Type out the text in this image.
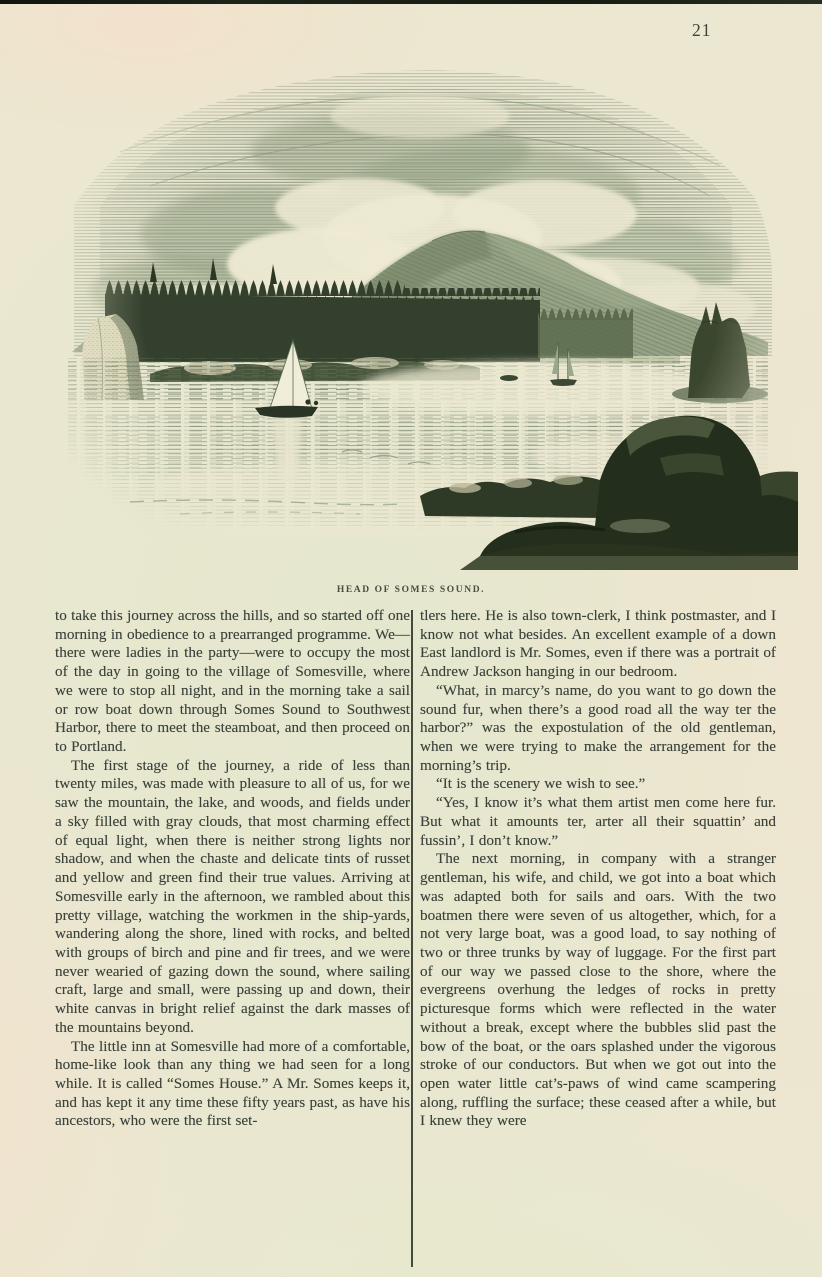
21
HEAD OF SOMES SOUND.

to take this journey across the hills, and so started off one morning in obedience to a prearranged programme. We—there were ladies in the party—were to occupy the most of the day in going to the village of Somesville, where we were to stop all night, and in the morning take a sail or row boat down through Somes Sound to Southwest Harbor, there to meet the steamboat, and then proceed on to Portland.

The first stage of the journey, a ride of less than twenty miles, was made with pleasure to all of us, for we saw the mountain, the lake, and woods, and fields under a sky filled with gray clouds, that most charming effect of equal light, when there is neither strong lights nor shadow, and when the chaste and delicate tints of russet and yellow and green find their true values. Arriving at Somesville early in the afternoon, we rambled about this pretty village, watching the workmen in the ship-yards, wandering along the shore, lined with rocks, and belted with groups of birch and pine and fir trees, and we were never wearied of gazing down the sound, where sailing craft, large and small, were passing up and down, their white canvas in bright relief against the dark masses of the mountains beyond.

The little inn at Somesville had more of a comfortable, home-like look than any thing we had seen for a long while. It is called “Somes House.” A Mr. Somes keeps it, and has kept it any time these fifty years past, as have his ancestors, who were the first set-

tlers here. He is also town-clerk, I think postmaster, and I know not what besides. An excellent example of a down East landlord is Mr. Somes, even if there was a portrait of Andrew Jackson hanging in our bedroom.

“What, in marcy’s name, do you want to go down the sound fur, when there’s a good road all the way ter the harbor?” was the expostulation of the old gentleman, when we were trying to make the arrangement for the morning’s trip.

“It is the scenery we wish to see.”

“Yes, I know it’s what them artist men come here fur. But what it amounts ter, arter all their squattin’ and fussin’, I don’t know.”

The next morning, in company with a stranger gentleman, his wife, and child, we got into a boat which was adapted both for sails and oars. With the two boatmen there were seven of us altogether, which, for a not very large boat, was a good load, to say nothing of two or three trunks by way of luggage. For the first part of our way we passed close to the shore, where the evergreens overhung the ledges of rocks in pretty picturesque forms which were reflected in the water without a break, except where the bubbles slid past the bow of the boat, or the oars splashed under the vigorous stroke of our conductors. But when we got out into the open water little cat’s-paws of wind came scampering along, ruffling the surface; these ceased after a while, but I knew they were
